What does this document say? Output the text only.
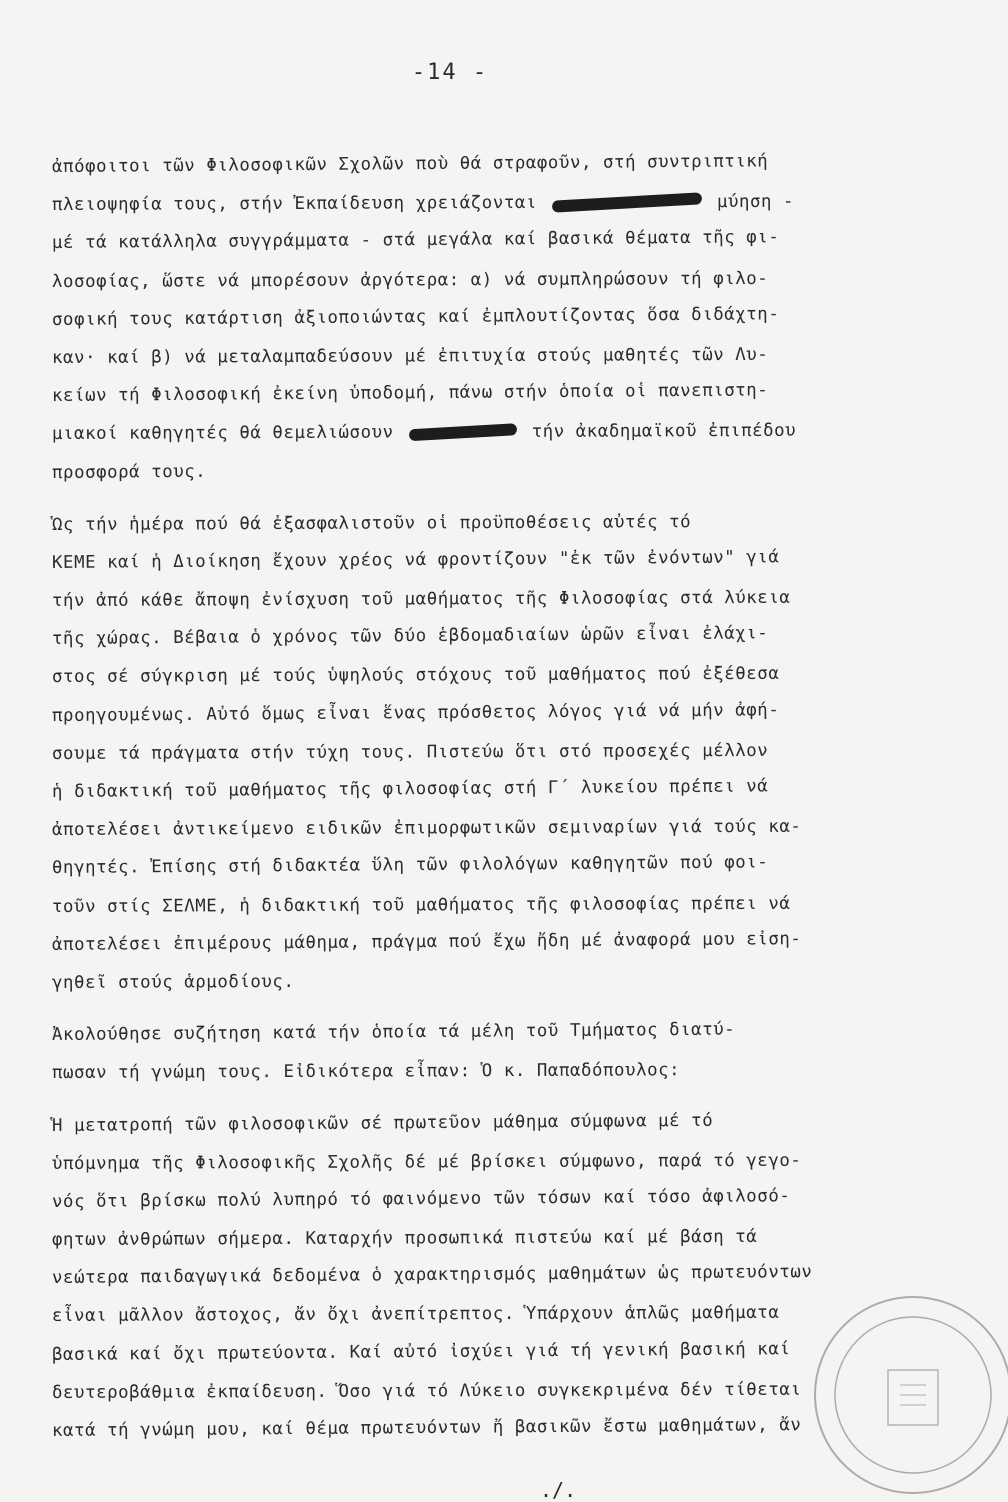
-14 -
ἀπόφοιτοι τῶν Φιλοσοφικῶν Σχολῶν ποὺ θά στραφοῦν, στή συντριπτική
πλειοψηφία τους, στήν Ἐκπαίδευση χρειάζονται	μύηση -
μέ τά κατάλληλα συγγράμματα - στά μεγάλα καί βασικά θέματα τῆς φι-
λοσοφίας, ὥστε νά μπορέσουν ἀργότερα: α) νά συμπληρώσουν τή φιλο-
σοφική τους κατάρτιση ἀξιοποιώντας καί ἐμπλουτίζοντας ὅσα διδάχτη-
καν· καί β) νά μεταλαμπαδεύσουν μέ ἐπιτυχία στούς μαθητές τῶν Λυ-
κείων τή Φιλοσοφική ἐκείνη ὑποδομή, πάνω στήν ὁποία οἱ πανεπιστη-
μιακοί καθηγητές θά θεμελιώσουν	τήν ἀκαδημαϊκοῦ ἐπιπέδου
προσφορά τους.
Ὡς τήν ἡμέρα πού θά ἐξασφαλιστοῦν οἱ προϋποθέσεις αὐτές τό
ΚΕΜΕ καί ἡ Διοίκηση ἔχουν χρέος νά φροντίζουν "ἐκ τῶν ἐνόντων" γιά
τήν ἀπό κάθε ἄποψη ἐνίσχυση τοῦ μαθήματος τῆς Φιλοσοφίας στά λύκεια
τῆς χώρας. Βέβαια ὁ χρόνος τῶν δύο ἑβδομαδιαίων ὡρῶν εἶναι ἐλάχι-
στος σέ σύγκριση μέ τούς ὑψηλούς στόχους τοῦ μαθήματος πού ἐξέθεσα
προηγουμένως. Αὐτό ὅμως εἶναι ἕνας πρόσθετος λόγος γιά νά μήν ἀφή-
σουμε τά πράγματα στήν τύχη τους. Πιστεύω ὅτι στό προσεχές μέλλον
ἡ διδακτική τοῦ μαθήματος τῆς φιλοσοφίας στή Γ΄ λυκείου πρέπει νά
ἀποτελέσει ἀντικείμενο ειδικῶν ἐπιμορφωτικῶν σεμιναρίων γιά τούς κα-
θηγητές. Ἐπίσης στή διδακτέα ὕλη τῶν φιλολόγων καθηγητῶν πού φοι-
τοῦν στίς ΣΕΛΜΕ, ἡ διδακτική τοῦ μαθήματος τῆς φιλοσοφίας πρέπει νά
ἀποτελέσει ἐπιμέρους μάθημα, πράγμα πού ἔχω ἤδη μέ ἀναφορά μου εἰση-
γηθεῖ στούς ἁρμοδίους.
Ἀκολούθησε συζήτηση κατά τήν ὁποία τά μέλη τοῦ Τμήματος διατύ-
πωσαν τή γνώμη τους. Εἰδικότερα εἶπαν: Ὁ κ. Παπαδόπουλος:
Ἡ μετατροπή τῶν φιλοσοφικῶν σέ πρωτεῦον μάθημα σύμφωνα μέ τό
ὑπόμνημα τῆς Φιλοσοφικῆς Σχολῆς δέ μέ βρίσκει σύμφωνο, παρά τό γεγο-
νός ὅτι βρίσκω πολύ λυπηρό τό φαινόμενο τῶν τόσων καί τόσο ἀφιλοσό-
φητων ἀνθρώπων σήμερα. Καταρχήν προσωπικά πιστεύω καί μέ βάση τά
νεώτερα παιδαγωγικά δεδομένα ὁ χαρακτηρισμός μαθημάτων ὡς πρωτευόντων
εἶναι μᾶλλον ἄστοχος, ἄν ὄχι ἀνεπίτρεπτος. Ὑπάρχουν ἁπλῶς μαθήματα
βασικά καί ὄχι πρωτεύοντα. Καί αὐτό ἰσχύει γιά τή γενική βασική καί
δευτεροβάθμια ἐκπαίδευση. Ὅσο γιά τό Λύκειο συγκεκριμένα δέν τίθεται
κατά τή γνώμη μου, καί θέμα πρωτευόντων ἤ βασικῶν ἔστω μαθημάτων, ἄν
./.
